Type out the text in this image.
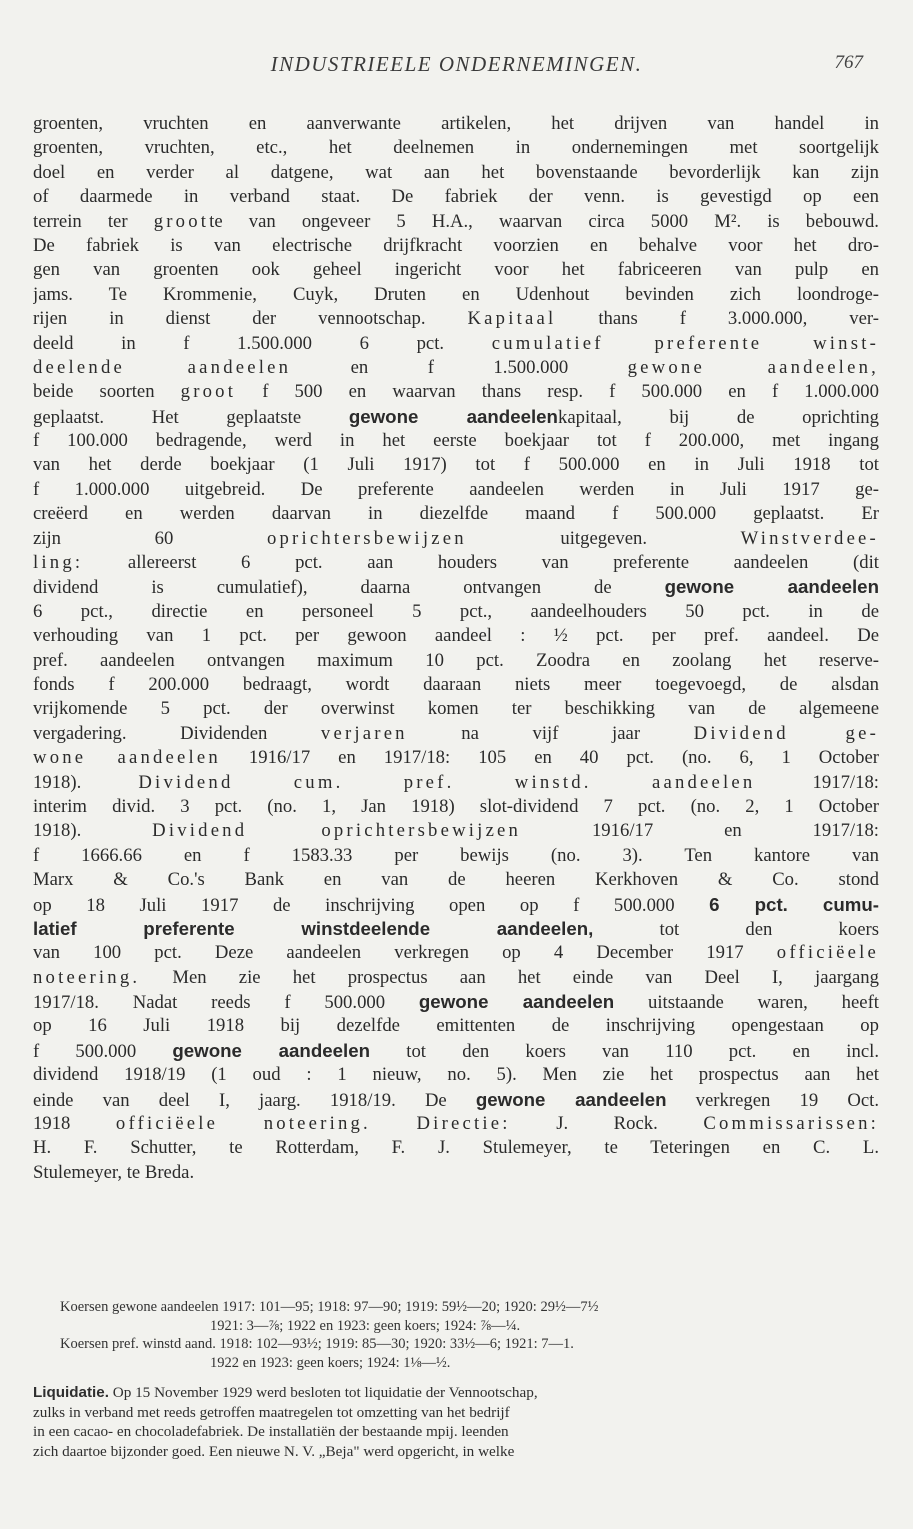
INDUSTRIEELE ONDERNEMINGEN.	767
groenten, vruchten en aanverwante artikelen, het drijven van handel in
groenten, vruchten, etc., het deelnemen in ondernemingen met soortgelijk
doel en verder al datgene, wat aan het bovenstaande bevorderlijk kan zijn
of daarmede in verband staat. De fabriek der venn. is gevestigd op een
terrein ter grootte van ongeveer 5 H.A., waarvan circa 5000 M². is bebouwd.
De fabriek is van electrische drijfkracht voorzien en behalve voor het dro-
gen van groenten ook geheel ingericht voor het fabriceeren van pulp en
jams. Te Krommenie, Cuyk, Druten en Udenhout bevinden zich loondroge-
rijen in dienst der vennootschap. Kapitaal thans f 3.000.000, ver-
deeld in f 1.500.000 6 pct. cumulatief preferente winst-
deelende aandeelen en f 1.500.000 gewone aandeelen,
beide soorten groot f 500 en waarvan thans resp. f 500.000 en f 1.000.000
geplaatst. Het geplaatste gewone aandeelenkapitaal, bij de oprichting
f 100.000 bedragende, werd in het eerste boekjaar tot f 200.000, met ingang
van het derde boekjaar (1 Juli 1917) tot f 500.000 en in Juli 1918 tot
f 1.000.000 uitgebreid. De preferente aandeelen werden in Juli 1917 ge-
creëerd en werden daarvan in diezelfde maand f 500.000 geplaatst. Er
zijn 60 oprichtersbewijzen uitgegeven. Winstverdee-
ling: allereerst 6 pct. aan houders van preferente aandeelen (dit
dividend is cumulatief), daarna ontvangen de gewone aandeelen
6 pct., directie en personeel 5 pct., aandeelhouders 50 pct. in de
verhouding van 1 pct. per gewoon aandeel : ½ pct. per pref. aandeel. De
pref. aandeelen ontvangen maximum 10 pct. Zoodra en zoolang het reserve-
fonds f 200.000 bedraagt, wordt daaraan niets meer toegevoegd, de alsdan
vrijkomende 5 pct. der overwinst komen ter beschikking van de algemeene
vergadering. Dividenden verjaren na vijf jaar Dividend ge-
wone aandeelen 1916/17 en 1917/18: 105 en 40 pct. (no. 6, 1 October
1918). Dividend cum. pref. winstd. aandeelen 1917/18:
interim divid. 3 pct. (no. 1, Jan 1918) slot-dividend 7 pct. (no. 2, 1 October
1918). Dividend oprichtersbewijzen 1916/17 en 1917/18:
f 1666.66 en f 1583.33 per bewijs (no. 3). Ten kantore van
Marx & Co.'s Bank en van de heeren Kerkhoven & Co. stond
op 18 Juli 1917 de inschrijving open op f 500.000 6 pct. cumu-
latief preferente winstdeelende aandeelen, tot den koers
van 100 pct. Deze aandeelen verkregen op 4 December 1917 officiëele
noteering. Men zie het prospectus aan het einde van Deel I, jaargang
1917/18. Nadat reeds f 500.000 gewone aandeelen uitstaande waren, heeft
op 16 Juli 1918 bij dezelfde emittenten de inschrijving opengestaan op
f 500.000 gewone aandeelen tot den koers van 110 pct. en incl.
dividend 1918/19 (1 oud : 1 nieuw, no. 5). Men zie het prospectus aan het
einde van deel I, jaarg. 1918/19. De gewone aandeelen verkregen 19 Oct.
1918 officiëele noteering. Directie: J. Rock. Commissarissen:
H. F. Schutter, te Rotterdam, F. J. Stulemeyer, te Teteringen en C. L.
Stulemeyer, te Breda.
Koersen gewone aandeelen 1917: 101—95; 1918: 97—90; 1919: 59½—20; 1920: 29½—7½
1921: 3—⅞; 1922 en 1923: geen koers; 1924: ⅞—¼.
Koersen pref. winstd aand. 1918: 102—93½; 1919: 85—30; 1920: 33½—6; 1921: 7—1.
1922 en 1923: geen koers; 1924: 1⅛—½.
Liquidatie. Op 15 November 1929 werd besloten tot liquidatie der Vennootschap,
zulks in verband met reeds getroffen maatregelen tot omzetting van het bedrijf
in een cacao- en chocoladefabriek. De installatiën der bestaande mpij. leenden
zich daartoe bijzonder goed. Een nieuwe N. V. „Beja" werd opgericht, in welke
